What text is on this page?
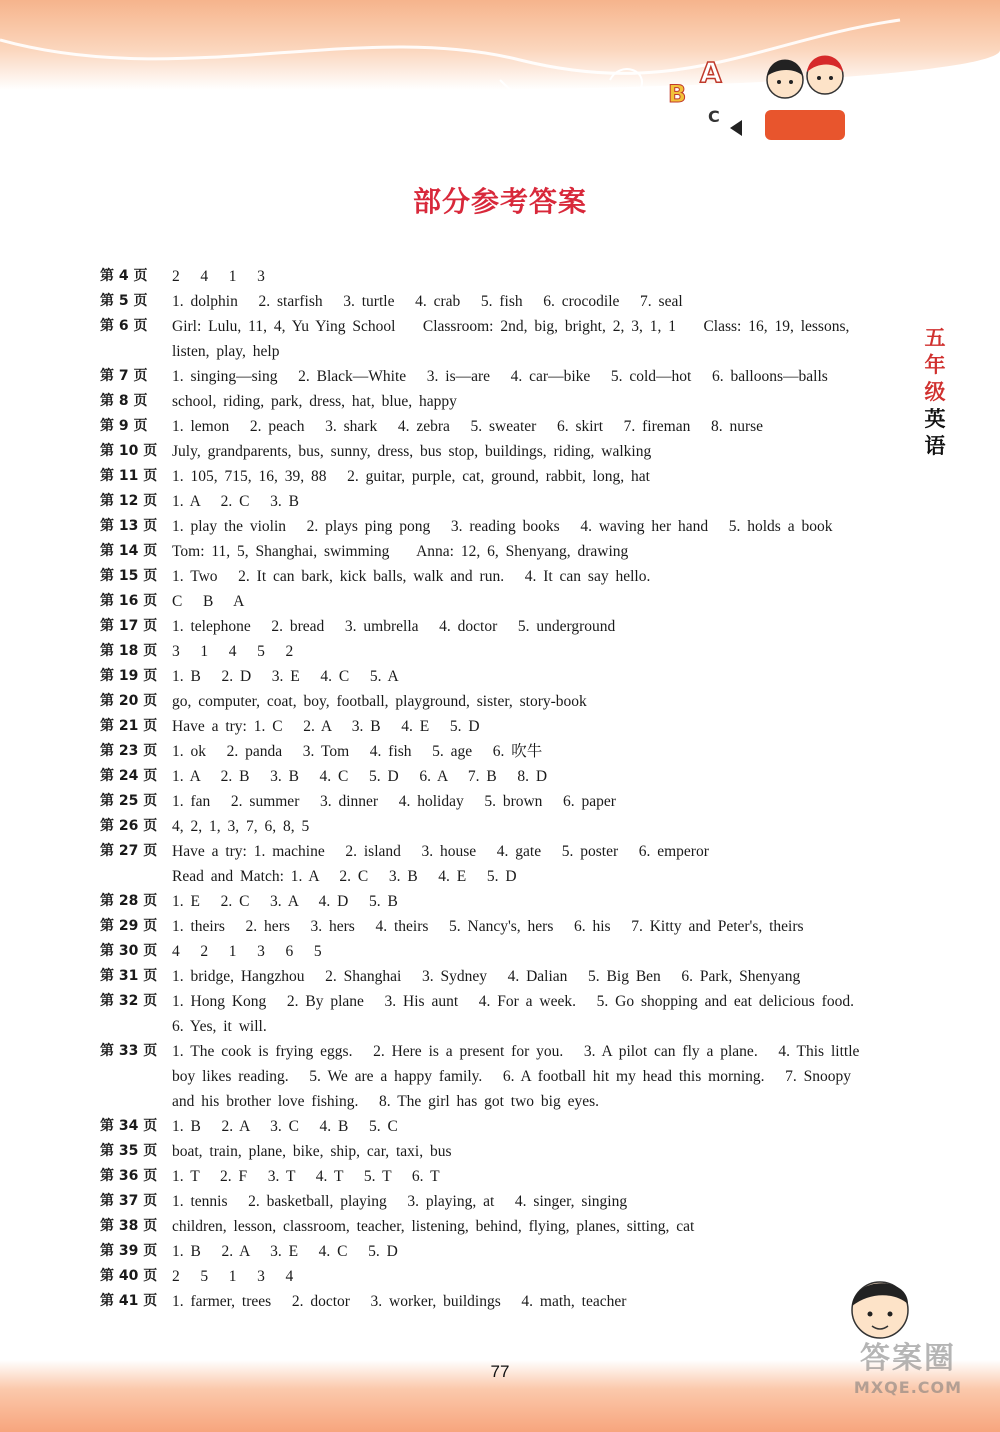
B
A
C
部分参考答案
五
年
级
英
语
第 4 页	2   4   1   3
第 5 页	1. dolphin   2. starfish   3. turtle   4. crab   5. fish   6. crocodile   7. seal
第 6 页	Girl: Lulu, 11, 4, Yu Ying School    Classroom: 2nd, big, bright, 2, 3, 1, 1    Class: 16, 19, lessons,
listen, play, help
第 7 页	1. singing—sing   2. Black—White   3. is—are   4. car—bike   5. cold—hot   6. balloons—balls
第 8 页	school, riding, park, dress, hat, blue, happy
第 9 页	1. lemon   2. peach   3. shark   4. zebra   5. sweater   6. skirt   7. fireman   8. nurse
第 10 页 July, grandparents, bus, sunny, dress, bus stop, buildings, riding, walking
第 11 页 1. 105, 715, 16, 39, 88   2. guitar, purple, cat, ground, rabbit, long, hat
第 12 页 1. A   2. C   3. B
第 13 页 1. play the violin   2. plays ping pong   3. reading books   4. waving her hand   5. holds a book
第 14 页 Tom: 11, 5, Shanghai, swimming    Anna: 12, 6, Shenyang, drawing
第 15 页 1. Two   2. It can bark, kick balls, walk and run.   4. It can say hello.
第 16 页 C   B   A
第 17 页 1. telephone   2. bread   3. umbrella   4. doctor   5. underground
第 18 页 3   1   4   5   2
第 19 页 1. B   2. D   3. E   4. C   5. A
第 20 页 go, computer, coat, boy, football, playground, sister, story-book
第 21 页 Have a try: 1. C   2. A   3. B   4. E   5. D
第 23 页 1. ok   2. panda   3. Tom   4. fish   5. age   6. 吹牛
第 24 页 1. A   2. B   3. B   4. C   5. D   6. A   7. B   8. D
第 25 页 1. fan   2. summer   3. dinner   4. holiday   5. brown   6. paper
第 26 页 4, 2, 1, 3, 7, 6, 8, 5
第 27 页 Have a try: 1. machine   2. island   3. house   4. gate   5. poster   6. emperor
Read and Match: 1. A   2. C   3. B   4. E   5. D
第 28 页 1. E   2. C   3. A   4. D   5. B
第 29 页 1. theirs   2. hers   3. hers   4. theirs   5. Nancy's, hers   6. his   7. Kitty and Peter's, theirs
第 30 页 4   2   1   3   6   5
第 31 页 1. bridge, Hangzhou   2. Shanghai   3. Sydney   4. Dalian   5. Big Ben   6. Park, Shenyang
第 32 页 1. Hong Kong   2. By plane   3. His aunt   4. For a week.   5. Go shopping and eat delicious food.
6. Yes, it will.
第 33 页 1. The cook is frying eggs.   2. Here is a present for you.   3. A pilot can fly a plane.   4. This little
boy likes reading.   5. We are a happy family.   6. A football hit my head this morning.   7. Snoopy
and his brother love fishing.   8. The girl has got two big eyes.
第 34 页 1. B   2. A   3. C   4. B   5. C
第 35 页 boat, train, plane, bike, ship, car, taxi, bus
第 36 页 1. T   2. F   3. T   4. T   5. T   6. T
第 37 页 1. tennis   2. basketball, playing   3. playing, at   4. singer, singing
第 38 页 children, lesson, classroom, teacher, listening, behind, flying, planes, sitting, cat
第 39 页 1. B   2. A   3. E   4. C   5. D
第 40 页 2   5   1   3   4
第 41 页 1. farmer, trees   2. doctor   3. worker, buildings   4. math, teacher
77	答案圈
MXQE.COM
